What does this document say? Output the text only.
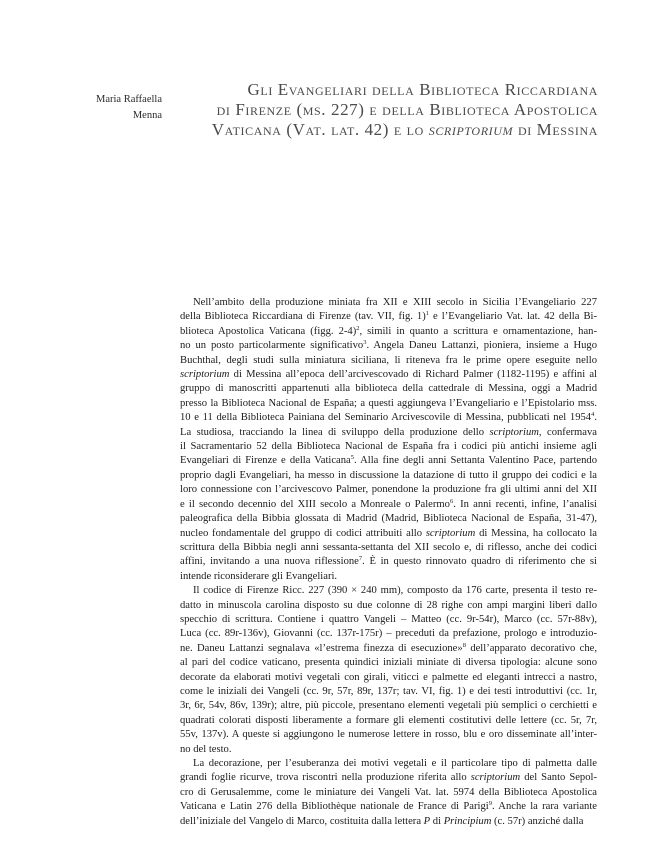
Maria Raffaella
Menna
Gli Evangeliari della Biblioteca Riccardiana
di Firenze (ms. 227) e della Biblioteca Apostolica
Vaticana (Vat. lat. 42) e lo scriptorium di Messina
Nell’ambito della produzione miniata fra XII e XIII secolo in Sicilia l’Evangeliario 227
della Biblioteca Riccardiana di Firenze (tav. VII, fig. 1)$^1$ e l’Evangeliario Vat. lat. 42 della Bi-
blioteca Apostolica Vaticana (figg. 2-4)$^2$, simili in quanto a scrittura e ornamentazione, han-
no un posto particolarmente significativo$^3$. Angela Daneu Lattanzi, pioniera, insieme a Hugo
Buchthal, degli studi sulla miniatura siciliana, li riteneva fra le prime opere eseguite nello
scriptorium di Messina all’epoca dell’arcivescovado di Richard Palmer (1182-1195) e affini al
gruppo di manoscritti appartenuti alla biblioteca della cattedrale di Messina, oggi a Madrid
presso la Biblioteca Nacional de España; a questi aggiungeva l’Evangeliario e l’Epistolario mss.
10 e 11 della Biblioteca Painiana del Seminario Arcivescovile di Messina, pubblicati nel 1954$^4$.
La studiosa, tracciando la linea di sviluppo della produzione dello scriptorium, confermava
il Sacramentario 52 della Biblioteca Nacional de España fra i codici più antichi insieme agli
Evangeliari di Firenze e della Vaticana$^5$. Alla fine degli anni Settanta Valentino Pace, partendo
proprio dagli Evangeliari, ha messo in discussione la datazione di tutto il gruppo dei codici e la
loro connessione con l’arcivescovo Palmer, ponendone la produzione fra gli ultimi anni del XII
e il secondo decennio del XIII secolo a Monreale o Palermo$^6$. In anni recenti, infine, l’analisi
paleografica della Bibbia glossata di Madrid (Madrid, Biblioteca Nacional de España, 31-47),
nucleo fondamentale del gruppo di codici attribuiti allo scriptorium di Messina, ha collocato la
scrittura della Bibbia negli anni sessanta-settanta del XII secolo e, di riflesso, anche dei codici
affini, invitando a una nuova riflessione$^7$. È in questo rinnovato quadro di riferimento che si
intende riconsiderare gli Evangeliari.
Il codice di Firenze Ricc. 227 (390 × 240 mm), composto da 176 carte, presenta il testo re-
datto in minuscola carolina disposto su due colonne di 28 righe con ampi margini liberi dallo
specchio di scrittura. Contiene i quattro Vangeli – Matteo (cc. 9r-54r), Marco (cc. 57r-88v),
Luca (cc. 89r-136v), Giovanni (cc. 137r-175r) – preceduti da prefazione, prologo e introduzio-
ne. Daneu Lattanzi segnalava «l’estrema finezza di esecuzione»$^8$ dell’apparato decorativo che,
al pari del codice vaticano, presenta quindici iniziali miniate di diversa tipologia: alcune sono
decorate da elaborati motivi vegetali con girali, viticci e palmette ed eleganti intrecci a nastro,
come le iniziali dei Vangeli (cc. 9r, 57r, 89r, 137r; tav. VI, fig. 1) e dei testi introduttivi (cc. 1r,
3r, 6r, 54v, 86v, 139r); altre, più piccole, presentano elementi vegetali più semplici o cerchietti e
quadrati colorati disposti liberamente a formare gli elementi costitutivi delle lettere (cc. 5r, 7r,
55v, 137v). A queste si aggiungono le numerose lettere in rosso, blu e oro disseminate all’inter-
no del testo.
La decorazione, per l’esuberanza dei motivi vegetali e il particolare tipo di palmetta dalle
grandi foglie ricurve, trova riscontri nella produzione riferita allo scriptorium del Santo Sepol-
cro di Gerusalemme, come le miniature dei Vangeli Vat. lat. 5974 della Biblioteca Apostolica
Vaticana e Latin 276 della Bibliothèque nationale de France di Parigi$^9$. Anche la rara variante
dell’iniziale del Vangelo di Marco, costituita dalla lettera P di Principium (c. 57r) anziché dalla
